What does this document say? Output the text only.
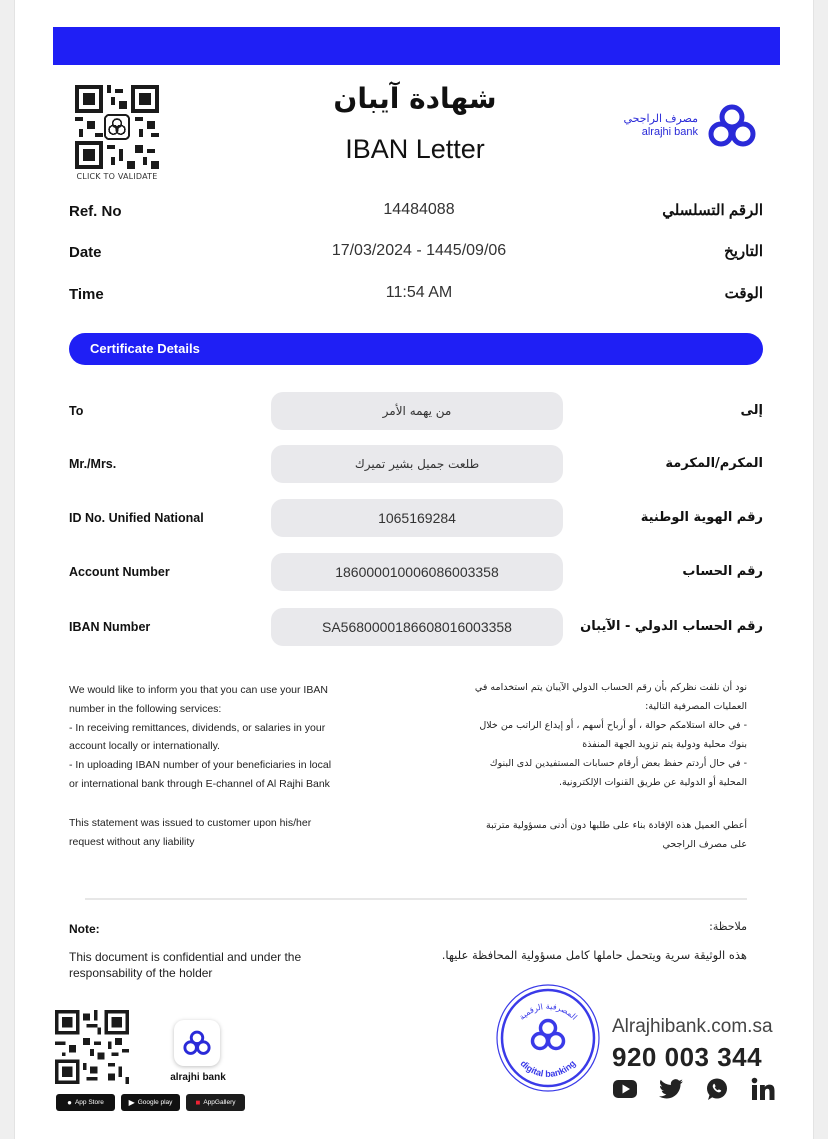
CLICK TO VALIDATE
شهادة آيبان
IBAN Letter
مصرف الراجحي
alrajhi bank
Ref. No	14484088	الرقم التسلسلي
Date	17/03/2024 - 1445/09/06	التاريخ
Time	11:54 AM	الوقت
Certificate Details
To	من يهمه الأمر	إلى
Mr./Mrs.	طلعت جميل بشير تميرك	المكرم/المكرمة
ID No. Unified National	1065169284	رقم الهوية الوطنية
Account Number	186000010006086003358	رقم الحساب
IBAN Number	SA5680000186608016003358	رقم الحساب الدولي - الآيبان
We would like to inform you that you can use your IBAN
number in the following services:
- In receiving remittances, dividends, or salaries in your
account locally or internationally.
- In uploading IBAN number of your beneficiaries in local
or international bank through E-channel of Al Rajhi Bank
نود أن نلفت نظركم بأن رقم الحساب الدولي الآيبان يتم استخدامه في
العمليات المصرفية التالية:
- في حالة استلامكم حوالة ، أو أرباح أسهم ، أو إيداع الراتب من خلال
بنوك محلية ودولية يتم تزويد الجهة المنفذة
- في حال أردتم حفظ بعض أرقام حسابات المستفيدين لدى البنوك
المحلية أو الدولية عن طريق القنوات الإلكترونية.
This statement was issued to customer upon his/her
request without any liability
أعطي العميل هذه الإفادة بناء على طلبها دون أدنى مسؤولية مترتبة
على مصرف الراجحي
Note:
This document is confidential and under the responsability of the holder
ملاحظة:
هذه الوثيقة سرية ويتحمل حاملها كامل مسؤولية المحافظة عليها.
alrajhi bank
● App Store	▶ Google play	■ AppGallery
المصرفية الرقمية
digital banking
Alrajhibank.com.sa
920 003 344
